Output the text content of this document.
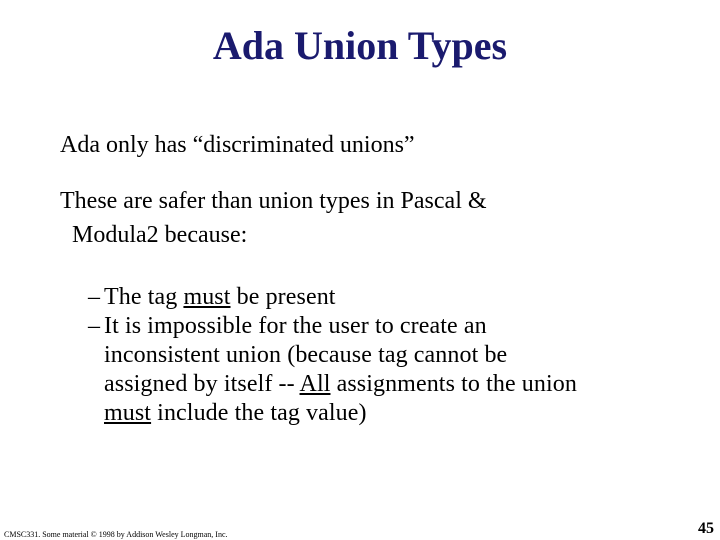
Ada Union Types

Ada only has “discriminated unions”

These are safer than union types in Pascal &
Modula2 because:

– The tag must be present

– It is impossible for the user to create an
inconsistent union (because tag cannot be
assigned by itself -- All assignments to the union
must include the tag value)

CMSC331. Some material © 1998 by Addison Wesley Longman, Inc.	45
